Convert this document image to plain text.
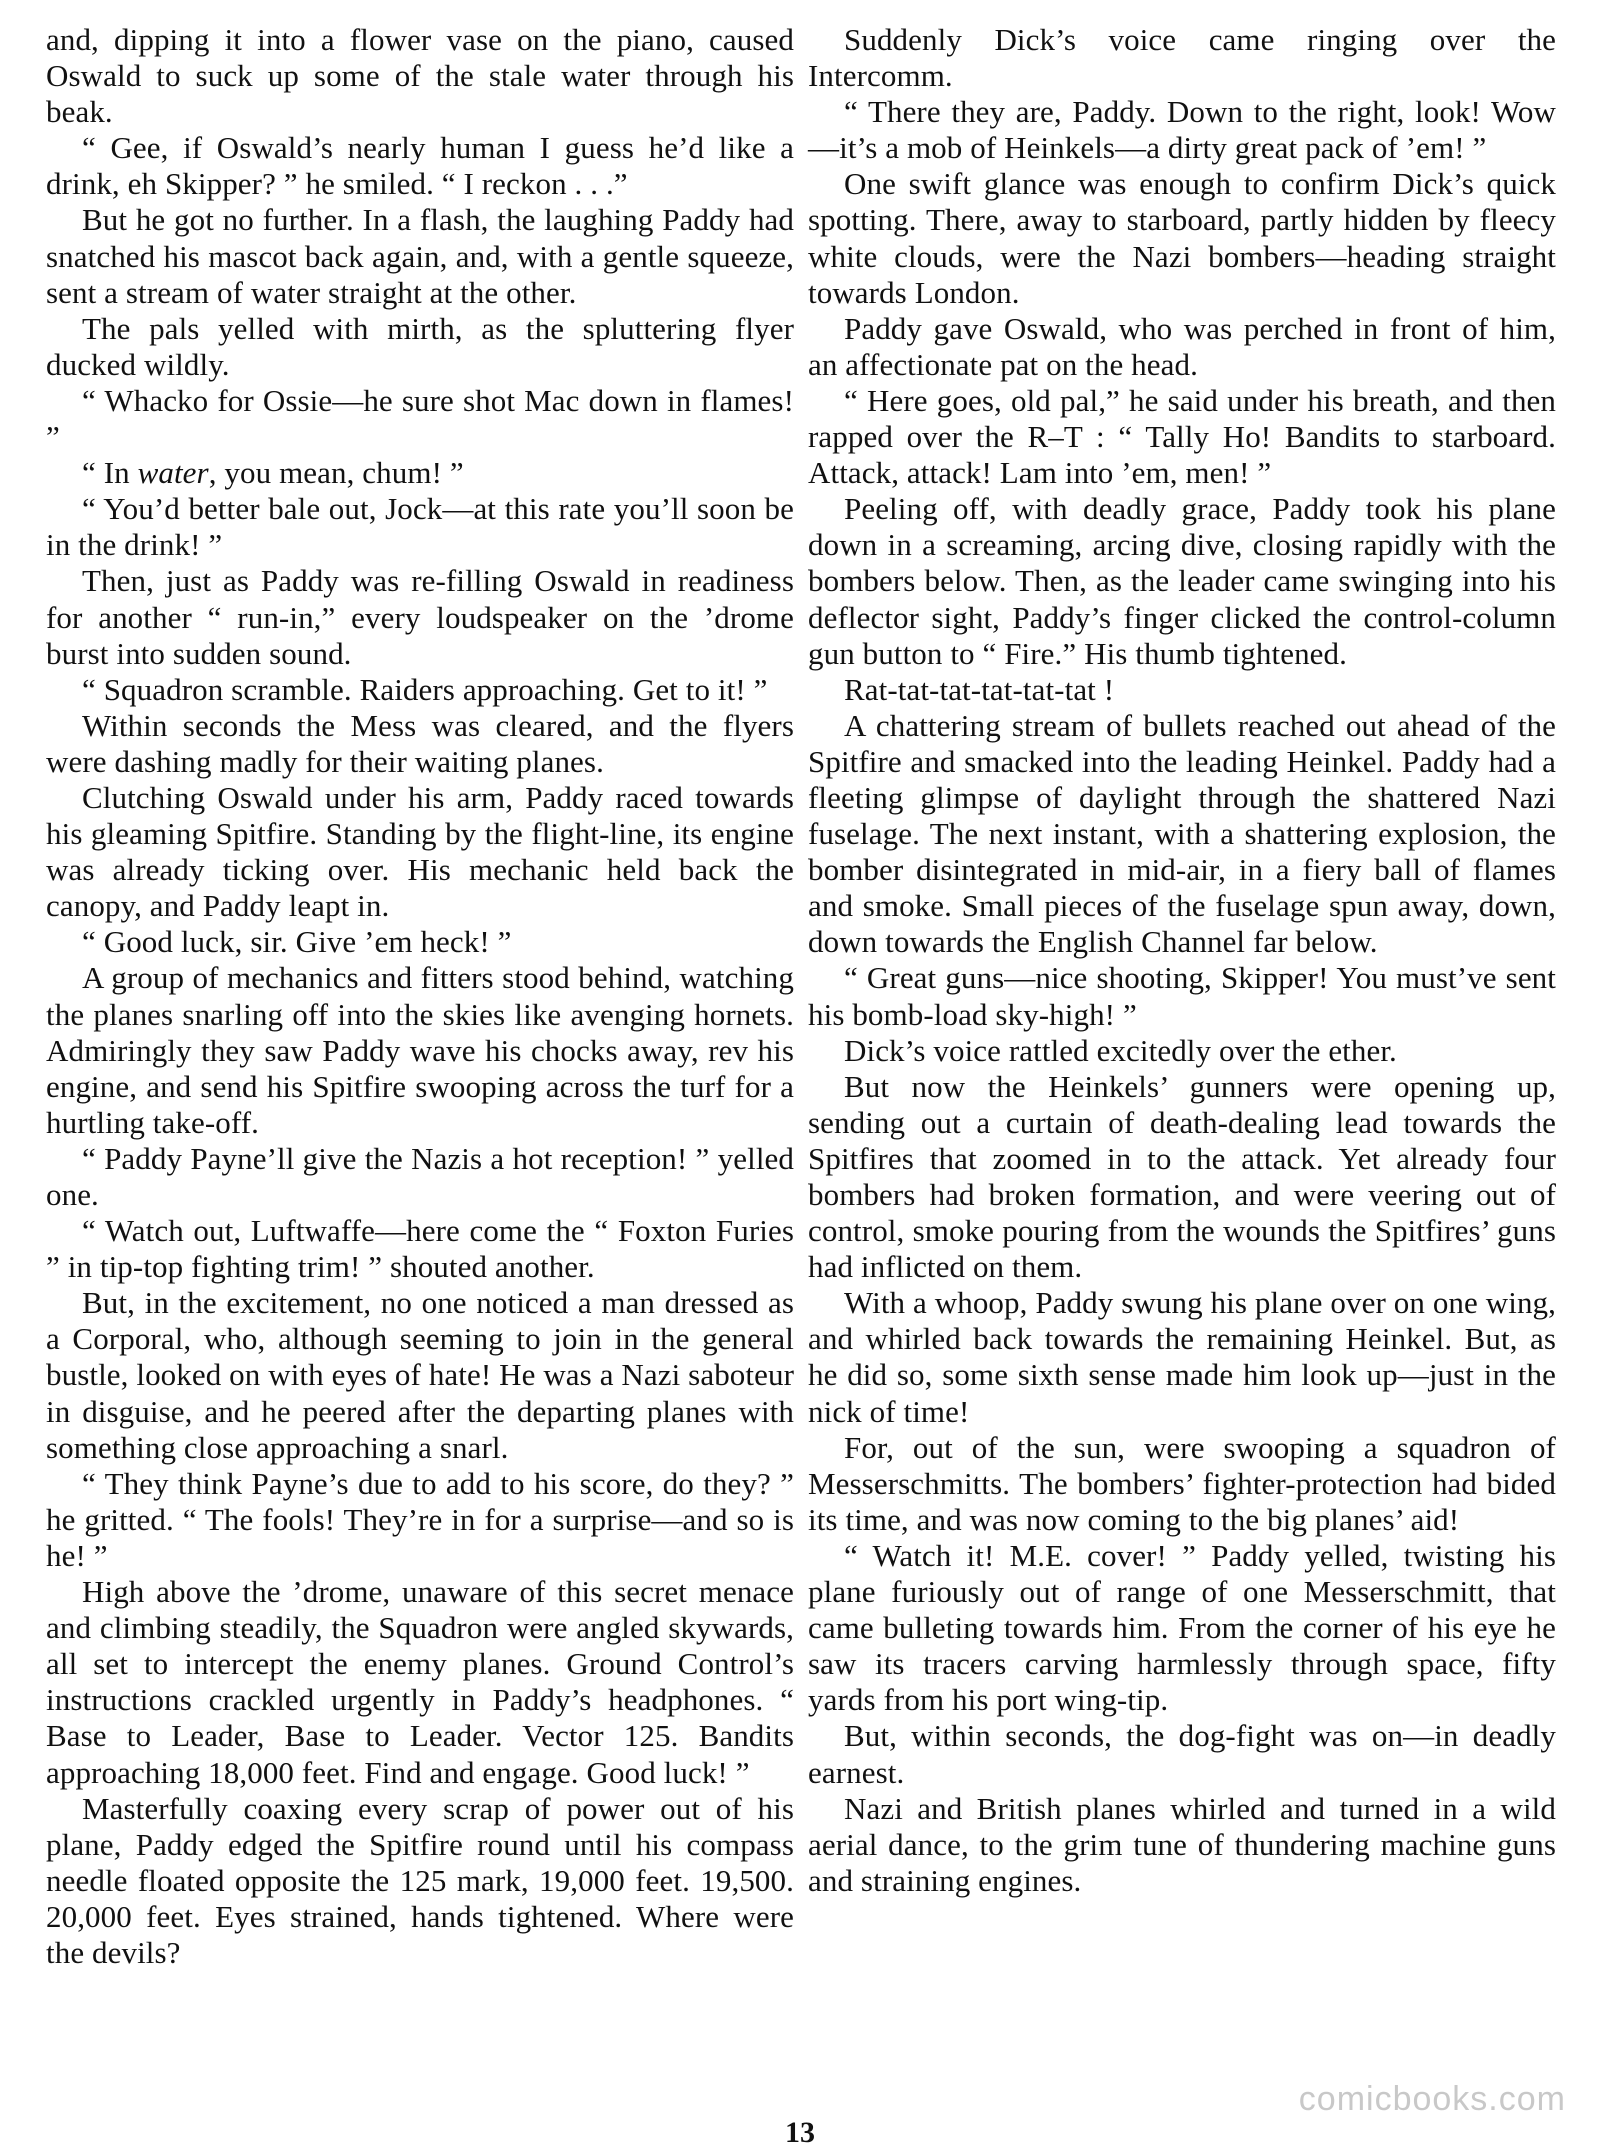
and, dipping it into a flower vase on the piano, caused Oswald to suck up some of the stale water through his beak.

“ Gee, if Oswald’s nearly human I guess he’d like a drink, eh Skipper? ” he smiled. “ I reckon . . .”

But he got no further. In a flash, the laughing Paddy had snatched his mascot back again, and, with a gentle squeeze, sent a stream of water straight at the other.

The pals yelled with mirth, as the spluttering flyer ducked wildly.

“ Whacko for Ossie—he sure shot Mac down in flames! ”

“ In water, you mean, chum! ”

“ You’d better bale out, Jock—at this rate you’ll soon be in the drink! ”

Then, just as Paddy was re-filling Oswald in readiness for another “ run-in,” every loudspeaker on the ’drome burst into sudden sound.

“ Squadron scramble. Raiders approaching. Get to it! ”

Within seconds the Mess was cleared, and the flyers were dashing madly for their waiting planes.

Clutching Oswald under his arm, Paddy raced towards his gleaming Spitfire. Standing by the flight-line, its engine was already ticking over. His mechanic held back the canopy, and Paddy leapt in.

“ Good luck, sir. Give ’em heck! ”

A group of mechanics and fitters stood behind, watching the planes snarling off into the skies like avenging hornets. Admiringly they saw Paddy wave his chocks away, rev his engine, and send his Spitfire swooping across the turf for a hurtling take-off.

“ Paddy Payne’ll give the Nazis a hot reception! ” yelled one.

“ Watch out, Luftwaffe—here come the “ Foxton Furies ” in tip-top fighting trim! ” shouted another.

But, in the excitement, no one noticed a man dressed as a Corporal, who, although seeming to join in the general bustle, looked on with eyes of hate! He was a Nazi saboteur in disguise, and he peered after the departing planes with something close approaching a snarl.

“ They think Payne’s due to add to his score, do they? ” he gritted. “ The fools! They’re in for a surprise—and so is he! ”

High above the ’drome, unaware of this secret menace and climbing steadily, the Squadron were angled skywards, all set to intercept the enemy planes. Ground Control’s instructions crackled urgently in Paddy’s headphones. “ Base to Leader, Base to Leader. Vector 125. Bandits approaching 18,000 feet. Find and engage. Good luck! ”

Masterfully coaxing every scrap of power out of his plane, Paddy edged the Spitfire round until his compass needle floated opposite the 125 mark, 19,000 feet. 19,500. 20,000 feet. Eyes strained, hands tightened. Where were the devils?

Suddenly Dick’s voice came ringing over the Intercomm.

“ There they are, Paddy. Down to the right, look! Wow—it’s a mob of Heinkels—a dirty great pack of ’em! ”

One swift glance was enough to confirm Dick’s quick spotting. There, away to starboard, partly hidden by fleecy white clouds, were the Nazi bombers—heading straight towards London.

Paddy gave Oswald, who was perched in front of him, an affectionate pat on the head.

“ Here goes, old pal,” he said under his breath, and then rapped over the R–T : “ Tally Ho! Bandits to starboard. Attack, attack! Lam into ’em, men! ”

Peeling off, with deadly grace, Paddy took his plane down in a screaming, arcing dive, closing rapidly with the bombers below. Then, as the leader came swinging into his deflector sight, Paddy’s finger clicked the control-column gun button to “ Fire.” His thumb tightened.

Rat-tat-tat-tat-tat-tat !

A chattering stream of bullets reached out ahead of the Spitfire and smacked into the leading Heinkel. Paddy had a fleeting glimpse of daylight through the shattered Nazi fuselage. The next instant, with a shattering explosion, the bomber disintegrated in mid-air, in a fiery ball of flames and smoke. Small pieces of the fuselage spun away, down, down towards the English Channel far below.

“ Great guns—nice shooting, Skipper! You must’ve sent his bomb-load sky-high! ”

Dick’s voice rattled excitedly over the ether.

But now the Heinkels’ gunners were opening up, sending out a curtain of death-dealing lead towards the Spitfires that zoomed in to the attack. Yet already four bombers had broken formation, and were veering out of control, smoke pouring from the wounds the Spitfires’ guns had inflicted on them.

With a whoop, Paddy swung his plane over on one wing, and whirled back towards the remaining Heinkel. But, as he did so, some sixth sense made him look up—just in the nick of time!

For, out of the sun, were swooping a squadron of Messerschmitts. The bombers’ fighter-protection had bided its time, and was now coming to the big planes’ aid!

“ Watch it! M.E. cover! ” Paddy yelled, twisting his plane furiously out of range of one Messerschmitt, that came bulleting towards him. From the corner of his eye he saw its tracers carving harmlessly through space, fifty yards from his port wing-tip.

But, within seconds, the dog-fight was on—in deadly earnest.

Nazi and British planes whirled and turned in a wild aerial dance, to the grim tune of thundering machine guns and straining engines.

13
comicbooks.com
